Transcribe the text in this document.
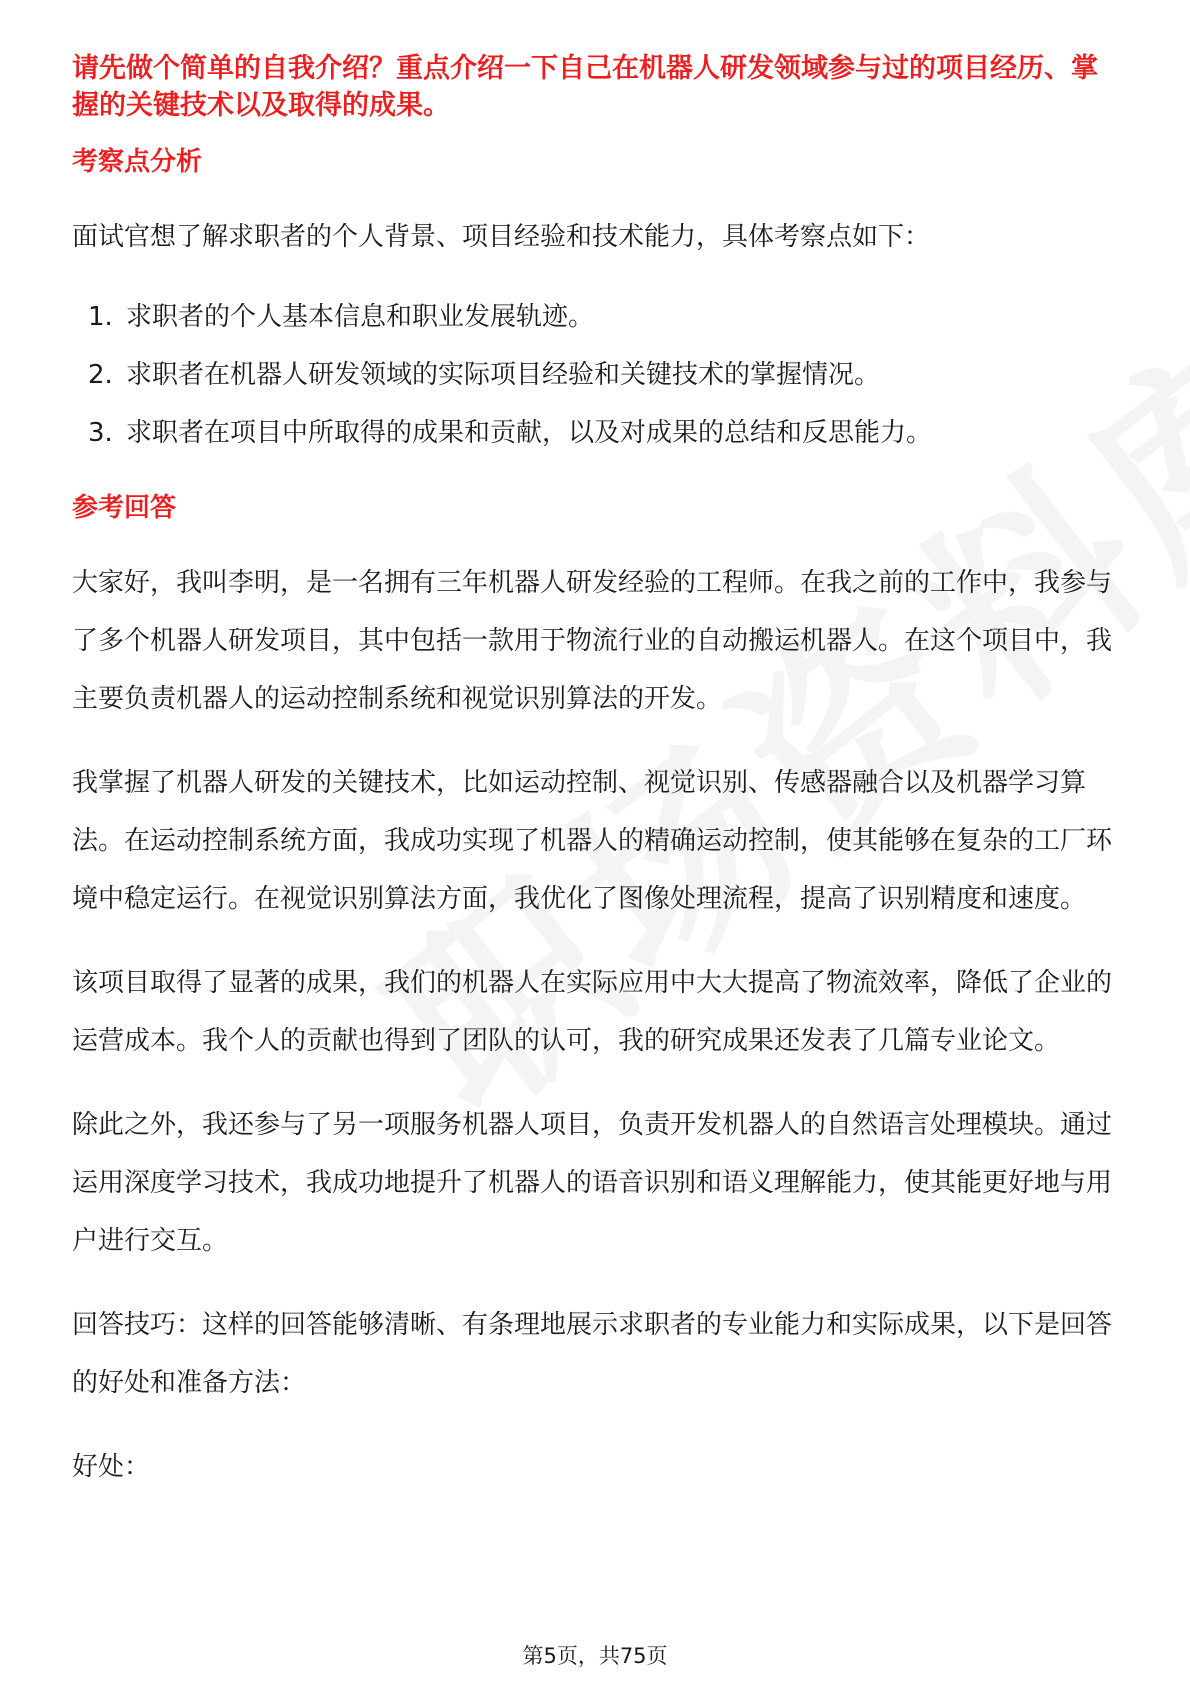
请先做个简单的自我介绍？重点介绍一下自己在机器人研发领域参与过的项目经历、掌握的关键技术以及取得的成果。

考察点分析

面试官想了解求职者的个人背景、项目经验和技术能力，具体考察点如下：

1. 求职者的个人基本信息和职业发展轨迹。
2. 求职者在机器人研发领域的实际项目经验和关键技术的掌握情况。
3. 求职者在项目中所取得的成果和贡献，以及对成果的总结和反思能力。

参考回答

大家好，我叫李明，是一名拥有三年机器人研发经验的工程师。在我之前的工作中，我参与了多个机器人研发项目，其中包括一款用于物流行业的自动搬运机器人。在这个项目中，我主要负责机器人的运动控制系统和视觉识别算法的开发。

我掌握了机器人研发的关键技术，比如运动控制、视觉识别、传感器融合以及机器学习算法。在运动控制系统方面，我成功实现了机器人的精确运动控制，使其能够在复杂的工厂环境中稳定运行。在视觉识别算法方面，我优化了图像处理流程，提高了识别精度和速度。

该项目取得了显著的成果，我们的机器人在实际应用中大大提高了物流效率，降低了企业的运营成本。我个人的贡献也得到了团队的认可，我的研究成果还发表了几篇专业论文。

除此之外，我还参与了另一项服务机器人项目，负责开发机器人的自然语言处理模块。通过运用深度学习技术，我成功地提升了机器人的语音识别和语义理解能力，使其能更好地与用户进行交互。

回答技巧：这样的回答能够清晰、有条理地展示求职者的专业能力和实际成果，以下是回答的好处和准备方法：

好处：

第5页，共75页
